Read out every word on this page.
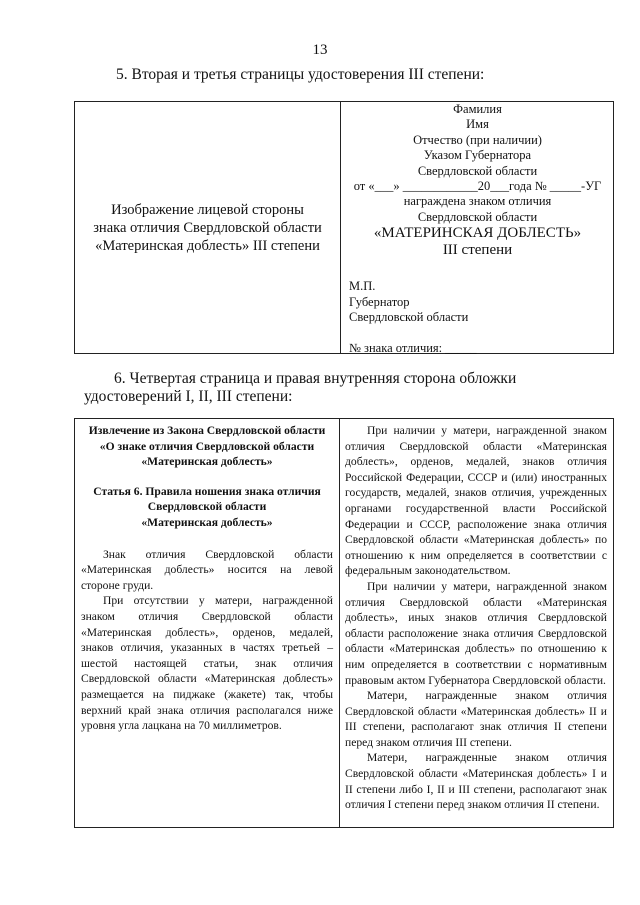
13
5. Вторая и третья страницы удостоверения III степени:
Изображение лицевой стороны
знака отличия Свердловской области
«Материнская доблесть» III степени
Фамилия
Имя
Отчество (при наличии)
Указом Губернатора
Свердловской области
от «___» ____________20___года № _____-УГ
награждена знаком отличия
Свердловской области
«МАТЕРИНСКАЯ ДОБЛЕСТЬ»
III степени
М.П.
Губернатор
Свердловской области
№ знака отличия: _____
6. Четвертая страница и правая внутренняя сторона обложки удостоверений I, II, III степени:
Извлечение из Закона Свердловской области
«О знаке отличия Свердловской области
«Материнская доблесть»
Статья 6. Правила ношения знака отличия
Свердловской области
«Материнская доблесть»

Знак отличия Свердловской области «Материнская доблесть» носится на левой стороне груди.

При отсутствии у матери, награжденной знаком отличия Свердловской области «Материнская доблесть», орденов, медалей, знаков отличия, указанных в частях третьей – шестой настоящей статьи, знак отличия Свердловской области «Материнская доблесть» размещается на пиджаке (жакете) так, чтобы верхний край знака отличия располагался ниже уровня угла лацкана на 70 миллиметров.

При наличии у матери, награжденной знаком отличия Свердловской области «Материнская доблесть», орденов, медалей, знаков отличия Российской Федерации, СССР и (или) иностранных государств, медалей, знаков отличия, учрежденных органами государственной власти Российской Федерации и СССР, расположение знака отличия Свердловской области «Материнская доблесть» по отношению к ним определяется в соответствии с федеральным законодательством.

При наличии у матери, награжденной знаком отличия Свердловской области «Материнская доблесть», иных знаков отличия Свердловской области расположение знака отличия Свердловской области «Материнская доблесть» по отношению к ним определяется в соответствии с нормативным правовым актом Губернатора Свердловской области.

Матери, награжденные знаком отличия Свердловской области «Материнская доблесть» II и III степени, располагают знак отличия II степени перед знаком отличия III степени.

Матери, награжденные знаком отличия Свердловской области «Материнская доблесть» I и II степени либо I, II и III степени, располагают знак отличия I степени перед знаком отличия II степени.
